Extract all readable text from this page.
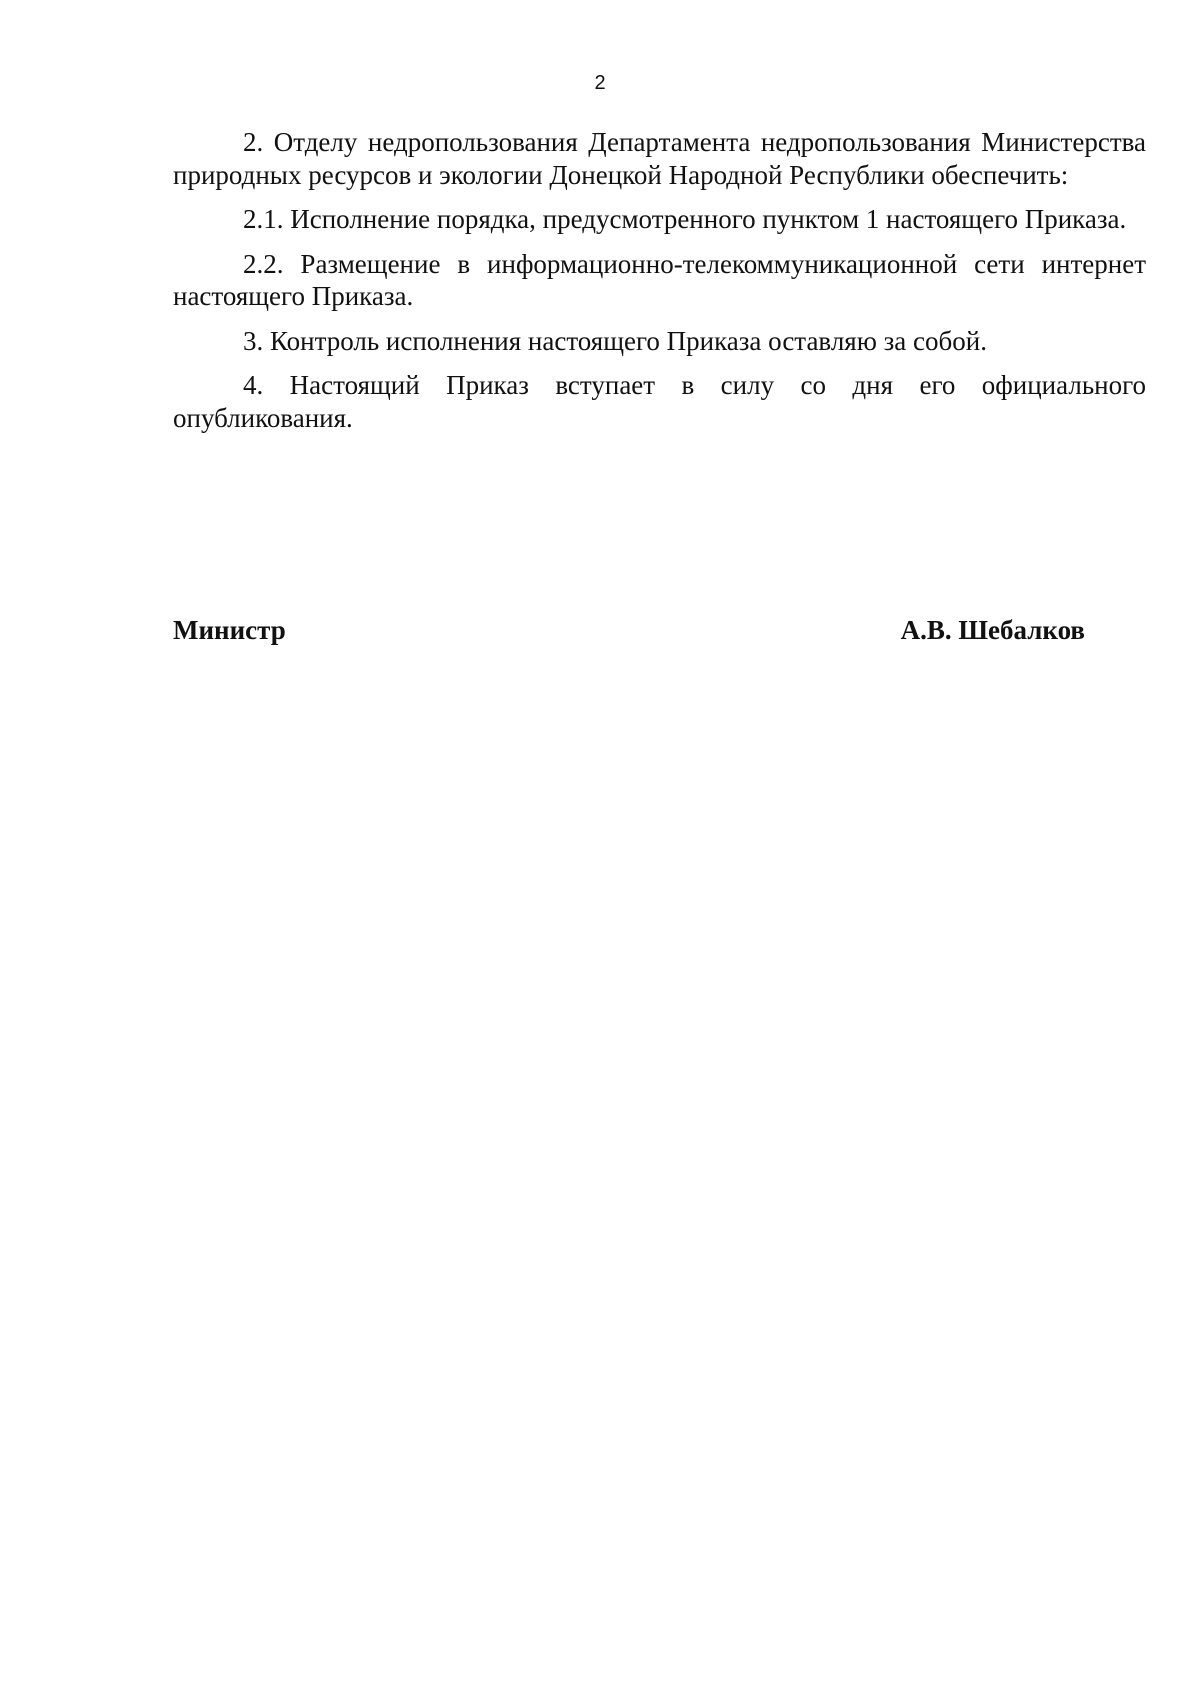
2

2. Отделу недропользования Департамента недропользования Министерства природных ресурсов и экологии Донецкой Народной Республики обеспечить:

2.1. Исполнение порядка, предусмотренного пунктом 1 настоящего Приказа.

2.2. Размещение в информационно-телекоммуникационной сети интернет настоящего Приказа.

3. Контроль исполнения настоящего Приказа оставляю за собой.

4. Настоящий Приказ вступает в силу со дня его официального опубликования.

Министр	А.В. Шебалков
